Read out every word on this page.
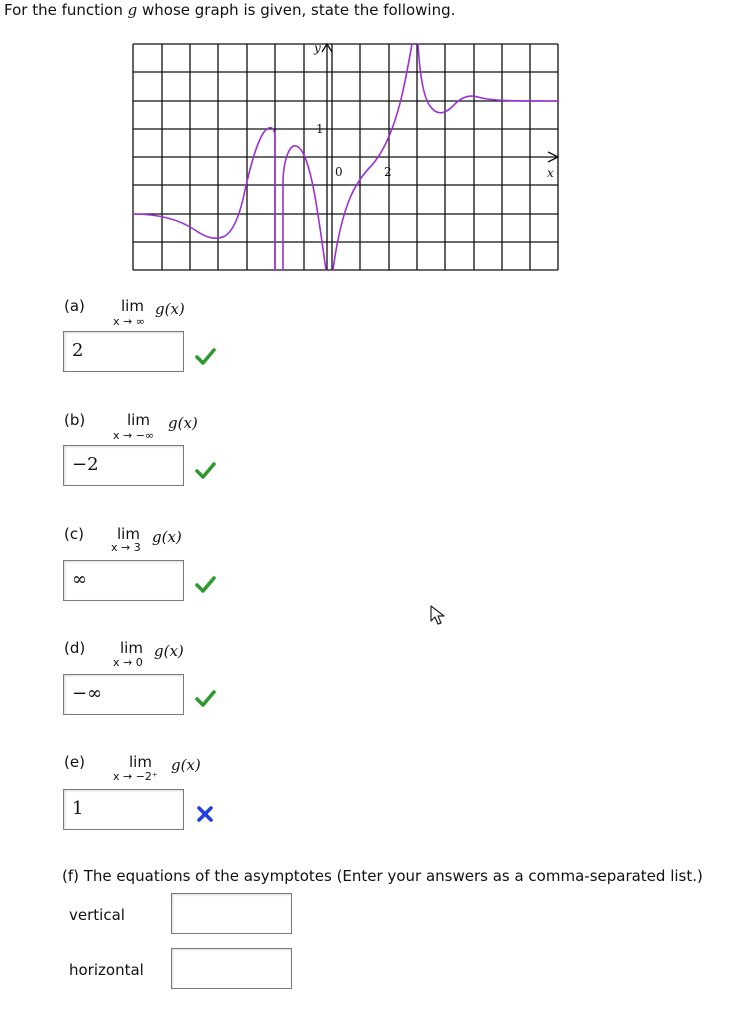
For the function g whose graph is given, state the following.
y
x
1
0	2
(a) lim
x → ∞
g(x)
2
(b)	lim
x → −∞
g(x)
−2
(c) lim
x → 3
g(x)
∞
(d) lim
x → 0
g(x)
−∞
(e)	lim
x → −2⁺
g(x)
1
(f) The equations of the asymptotes (Enter your answers as a comma-separated list.)
vertical
horizontal
